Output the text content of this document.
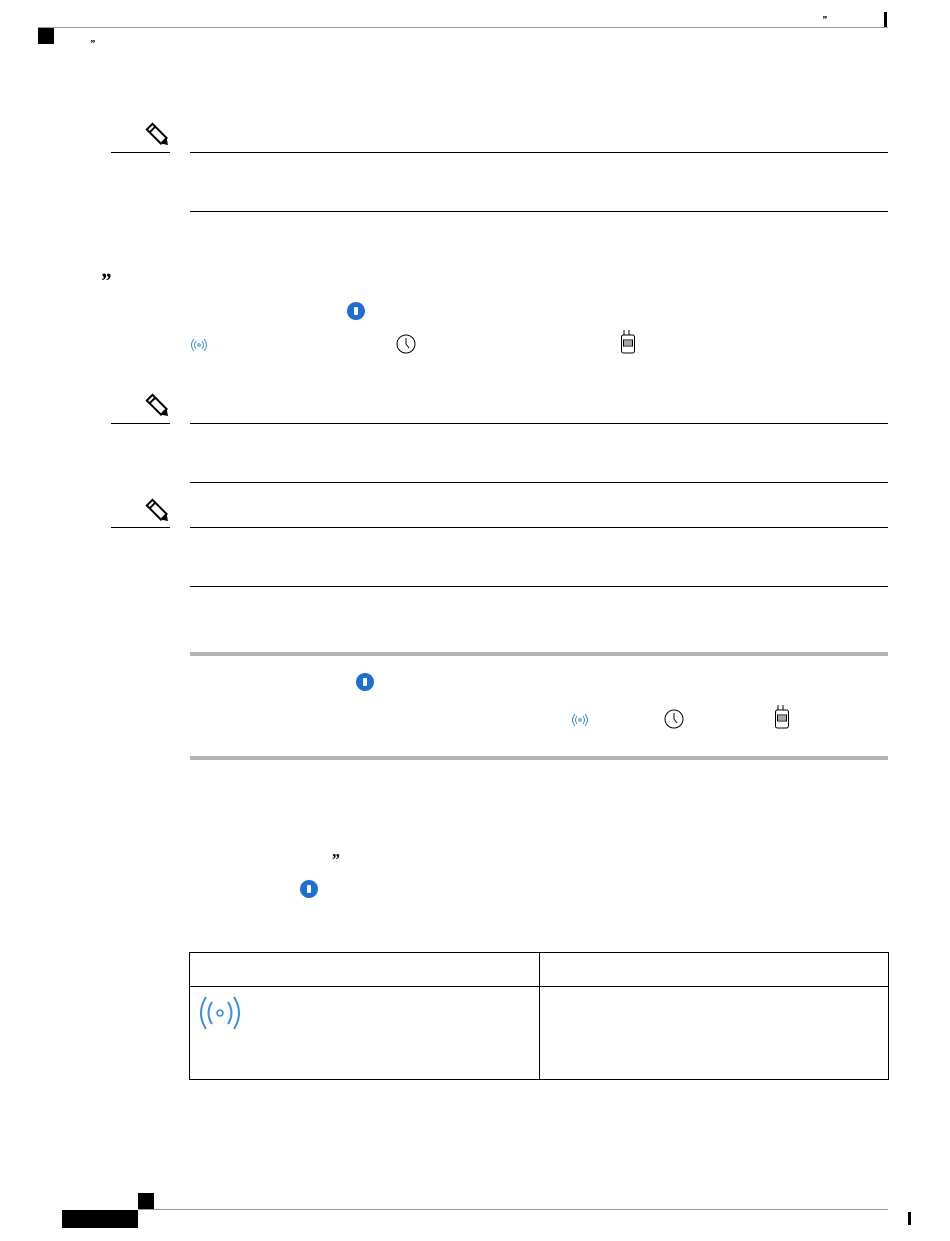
”
”
”
”
